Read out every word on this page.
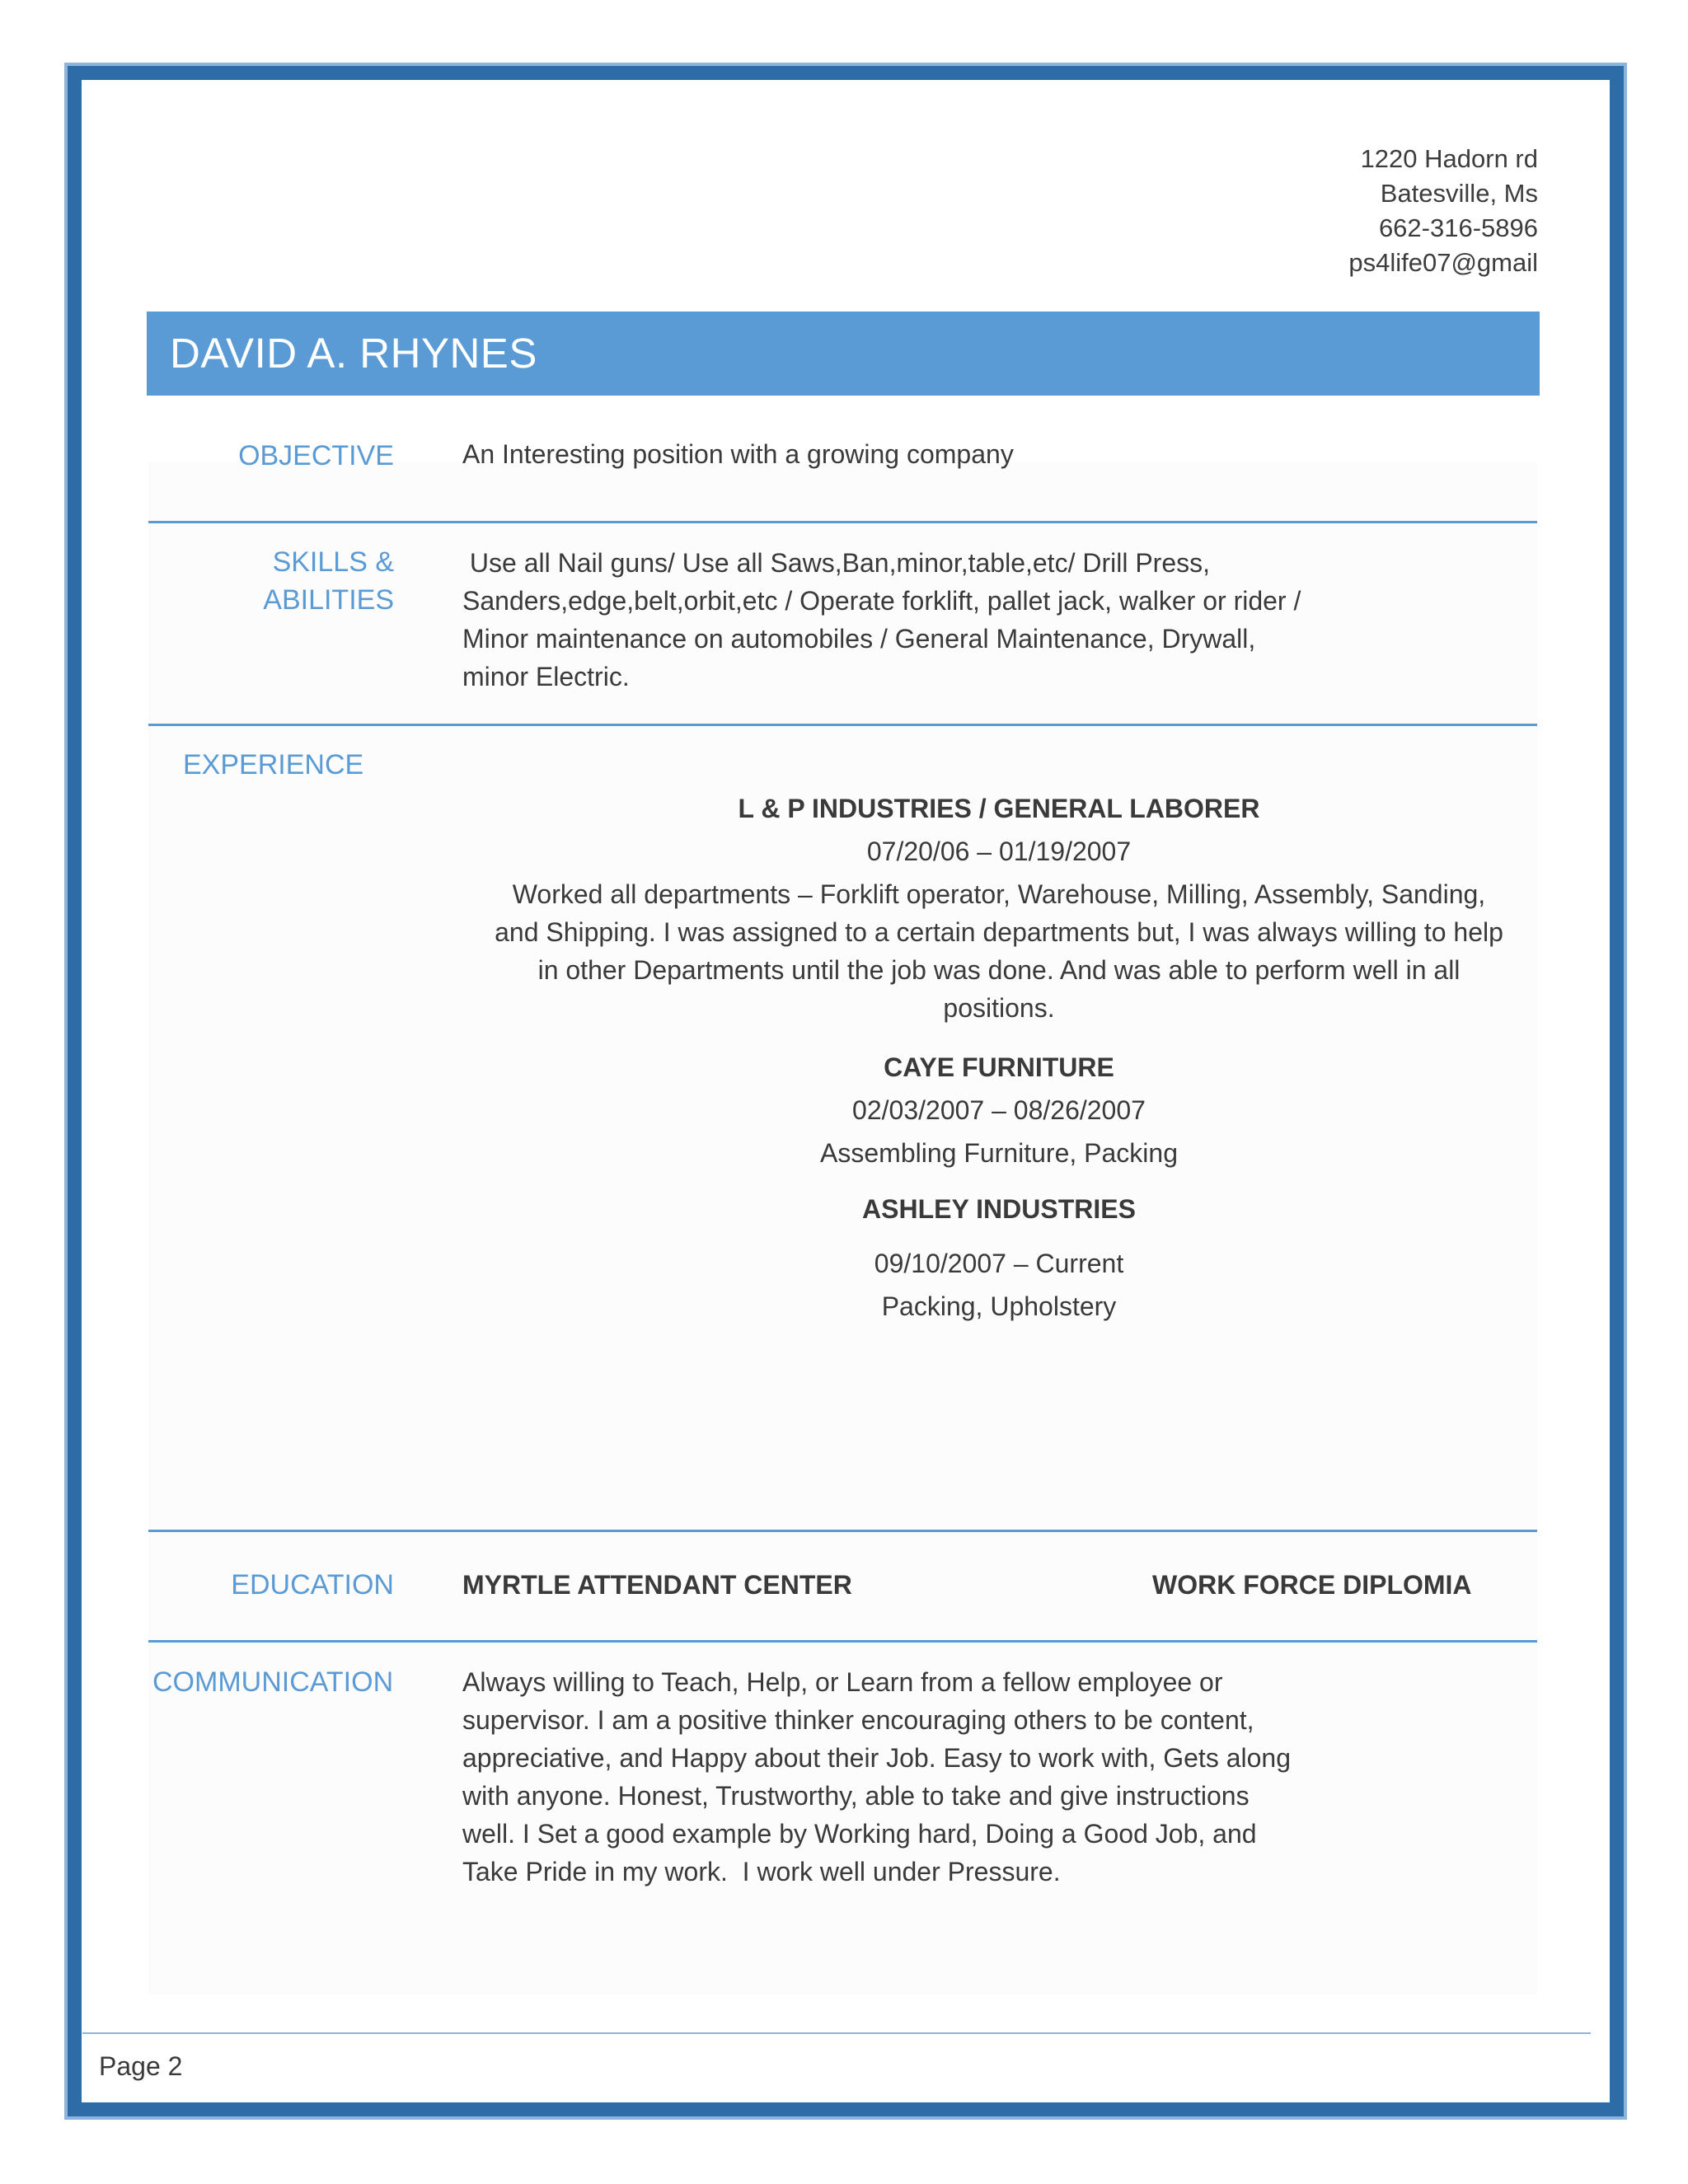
1220 Hadorn rd
Batesville, Ms
662-316-5896
ps4life07@gmail
DAVID A. RHYNES
OBJECTIVE	An Interesting position with a growing company
SKILLS &
ABILITIES
Use all Nail guns/ Use all Saws,Ban,minor,table,etc/ Drill Press,
Sanders,edge,belt,orbit,etc / Operate forklift, pallet jack, walker or rider /
Minor maintenance on automobiles / General Maintenance, Drywall,
minor Electric.
EXPERIENCE
L & P INDUSTRIES / GENERAL LABORER
07/20/06 – 01/19/2007
Worked all departments – Forklift operator, Warehouse, Milling, Assembly, Sanding,
and Shipping. I was assigned to a certain departments but, I was always willing to help
in other Departments until the job was done. And was able to perform well in all
positions.
CAYE FURNITURE
02/03/2007 – 08/26/2007
Assembling Furniture, Packing
ASHLEY INDUSTRIES
09/10/2007 – Current
Packing, Upholstery
EDUCATION	MYRTLE ATTENDANT CENTER	WORK FORCE DIPLOMIA
COMMUNICATION	Always willing to Teach, Help, or Learn from a fellow employee or
supervisor. I am a positive thinker encouraging others to be content,
appreciative, and Happy about their Job. Easy to work with, Gets along
with anyone. Honest, Trustworthy, able to take and give instructions
well. I Set a good example by Working hard, Doing a Good Job, and
Take Pride in my work.  I work well under Pressure.
Page 2
